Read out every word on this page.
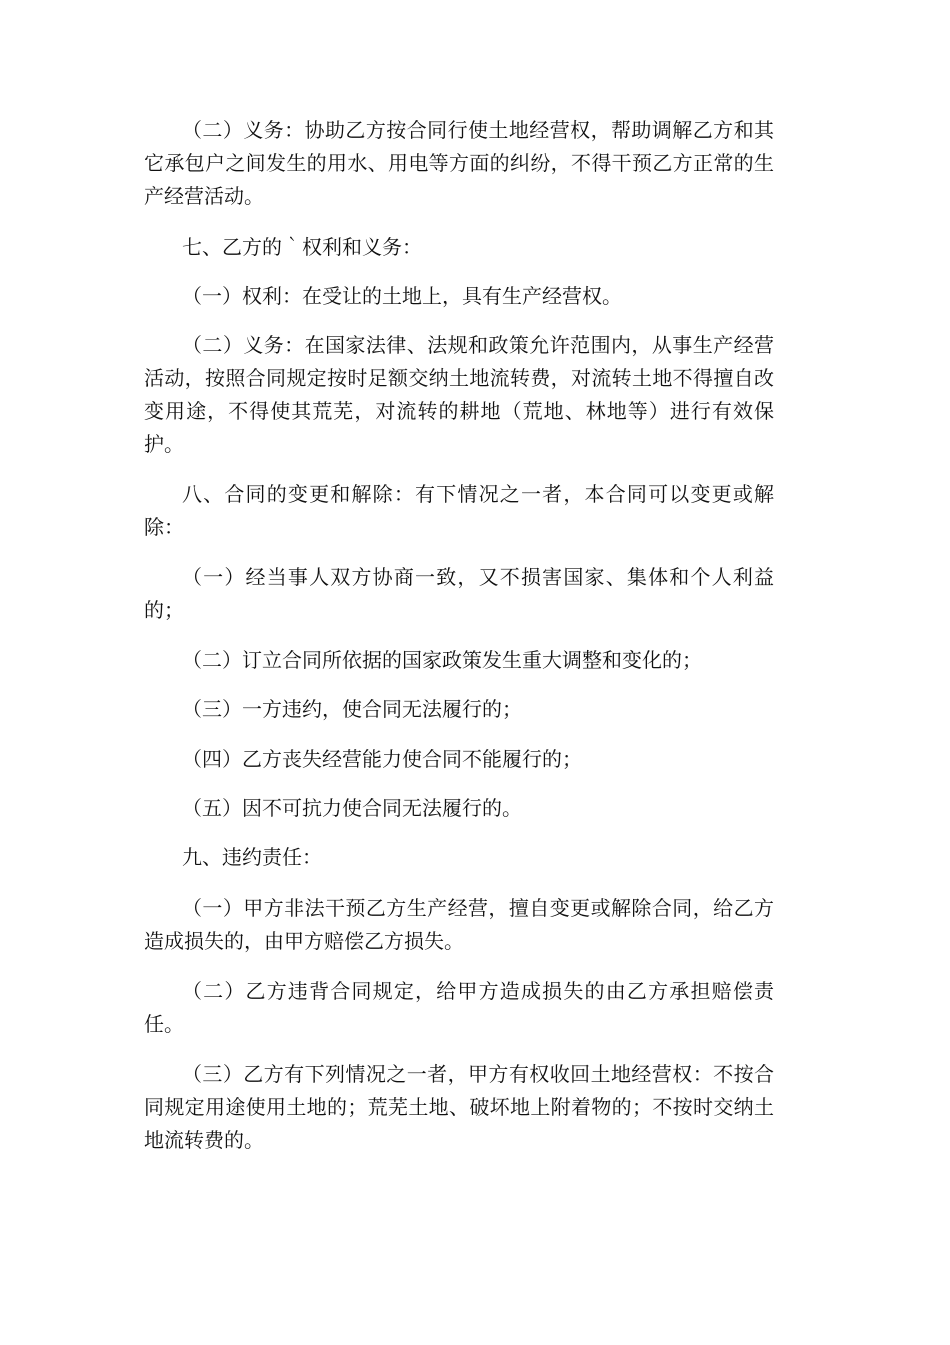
（二）义务：协助乙方按合同行使土地经营权，帮助调解乙方和其它承包户之间发生的用水、用电等方面的纠纷，不得干预乙方正常的生产经营活动。

七、乙方的｀权利和义务：

（一）权利：在受让的土地上，具有生产经营权。

（二）义务：在国家法律、法规和政策允许范围内，从事生产经营活动，按照合同规定按时足额交纳土地流转费，对流转土地不得擅自改变用途，不得使其荒芜，对流转的耕地（荒地、林地等）进行有效保护。

八、合同的变更和解除：有下情况之一者，本合同可以变更或解除：

（一）经当事人双方协商一致，又不损害国家、集体和个人利益的；

（二）订立合同所依据的国家政策发生重大调整和变化的；

（三）一方违约，使合同无法履行的；

（四）乙方丧失经营能力使合同不能履行的；

（五）因不可抗力使合同无法履行的。

九、违约责任：

（一）甲方非法干预乙方生产经营，擅自变更或解除合同，给乙方造成损失的，由甲方赔偿乙方损失。

（二）乙方违背合同规定，给甲方造成损失的由乙方承担赔偿责任。

（三）乙方有下列情况之一者，甲方有权收回土地经营权：不按合同规定用途使用土地的；荒芜土地、破坏地上附着物的；不按时交纳土地流转费的。
